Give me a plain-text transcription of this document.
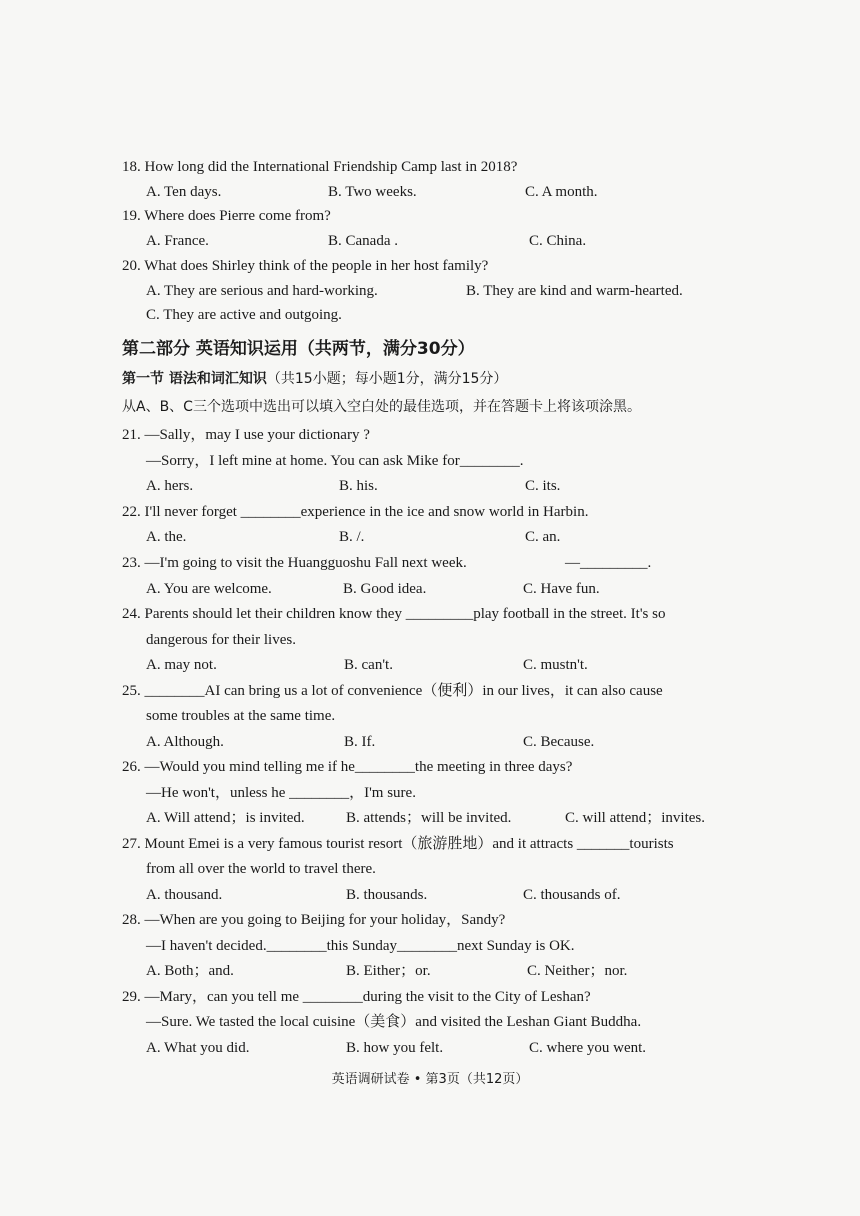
18. How long did the International Friendship Camp last in 2018?
A. Ten days.	B. Two weeks.	C. A month.
19. Where does Pierre come from?
A. France.	B. Canada .	C. China.
20. What does Shirley think of the people in her host family?
A. They are serious and hard-working.	B. They are kind and warm-hearted.
C. They are active and outgoing.
第二部分 英语知识运用（共两节，满分30分）
第一节 语法和词汇知识（共15小题；每小题1分，满分15分）
从A、B、C三个选项中选出可以填入空白处的最佳选项，并在答题卡上将该项涂黑。
21. —Sally，may I use your dictionary ?
—Sorry，I left mine at home. You can ask Mike for________.
A. hers.	B. his.	C. its.
22. I'll never forget ________experience in the ice and snow world in Harbin.
A. the.	B. /.	C. an.
23. —I'm going to visit the Huangguoshu Fall next week.	—_________.
A. You are welcome.	B. Good idea.	C. Have fun.
24. Parents should let their children know they _________play football in the street. It's so
dangerous for their lives.
A. may not.	B. can't.	C. mustn't.
25. ________AI can bring us a lot of convenience（便利）in our lives，it can also cause
some troubles at the same time.
A. Although.	B. If.	C. Because.
26. —Would you mind telling me if he________the meeting in three days?
—He won't，unless he ________，I'm sure.
A. Will attend；is invited.	B. attends；will be invited.	C. will attend；invites.
27. Mount Emei is a very famous tourist resort（旅游胜地）and it attracts _______tourists
from all over the world to travel there.
A. thousand.	B. thousands.	C. thousands of.
28. —When are you going to Beijing for your holiday，Sandy?
—I haven't decided.________this Sunday________next Sunday is OK.
A. Both；and.	B. Either；or.	C. Neither；nor.
29. —Mary，can you tell me ________during the visit to the City of Leshan?
—Sure. We tasted the local cuisine（美食）and visited the Leshan Giant Buddha.
A. What you did.	B. how you felt.	C. where you went.
英语调研试卷 • 第3页（共12页）
